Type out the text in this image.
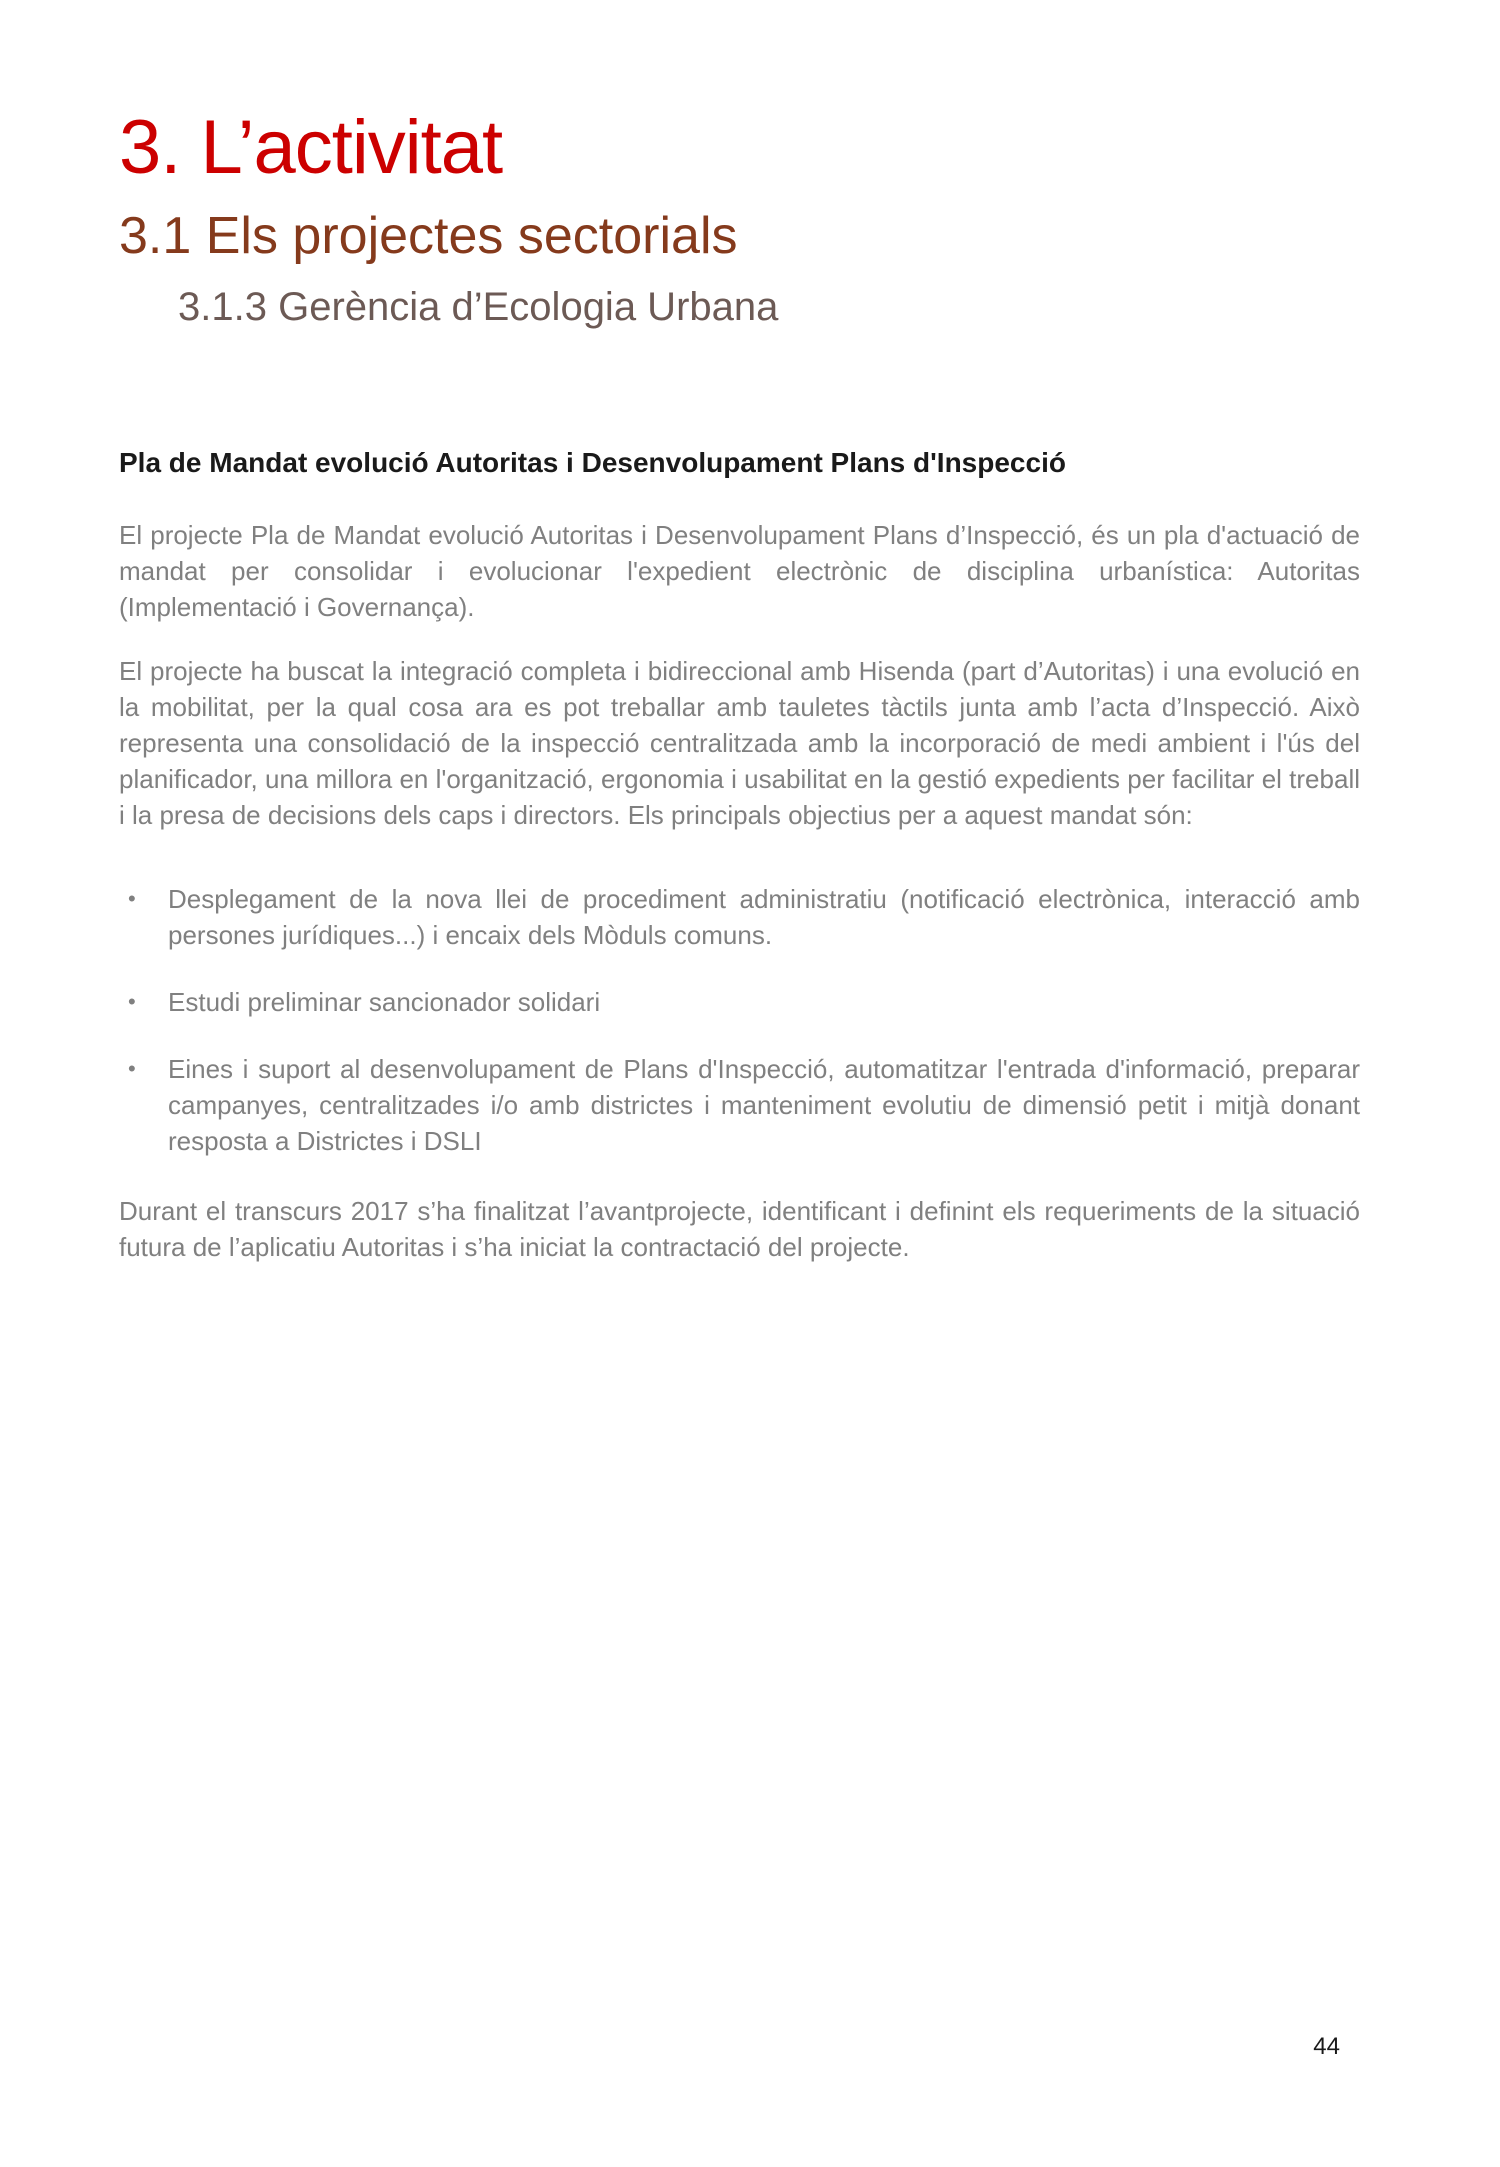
3. L’activitat
3.1 Els projectes sectorials
3.1.3 Gerència d’Ecologia Urbana
Pla de Mandat evolució Autoritas i Desenvolupament Plans d'Inspecció

El projecte Pla de Mandat evolució Autoritas i Desenvolupament Plans d’Inspecció, és un pla d'actuació de mandat per consolidar i evolucionar l'expedient electrònic de disciplina urbanística: Autoritas (Implementació i Governança).

El projecte ha buscat la integració completa i bidireccional amb Hisenda (part d’Autoritas) i una evolució en la mobilitat, per la qual cosa ara es pot treballar amb tauletes tàctils junta amb l’acta d’Inspecció. Això representa una consolidació de la inspecció centralitzada amb la incorporació de medi ambient i l'ús del planificador, una millora en l'organització, ergonomia i usabilitat en la gestió expedients per facilitar el treball i la presa de decisions dels caps i directors. Els principals objectius per a aquest mandat són:

• Desplegament de la nova llei de procediment administratiu (notificació electrònica, interacció amb persones jurídiques...) i encaix dels Mòduls comuns.
• Estudi preliminar sancionador solidari
• Eines i suport al desenvolupament de Plans d'Inspecció, automatitzar l'entrada d'informació, preparar campanyes, centralitzades i/o amb districtes i manteniment evolutiu de dimensió petit i mitjà donant resposta a Districtes i DSLI

Durant el transcurs 2017 s’ha finalitzat l’avantprojecte, identificant i definint els requeriments de la situació futura de l’aplicatiu Autoritas i s’ha iniciat la contractació del projecte.

44
